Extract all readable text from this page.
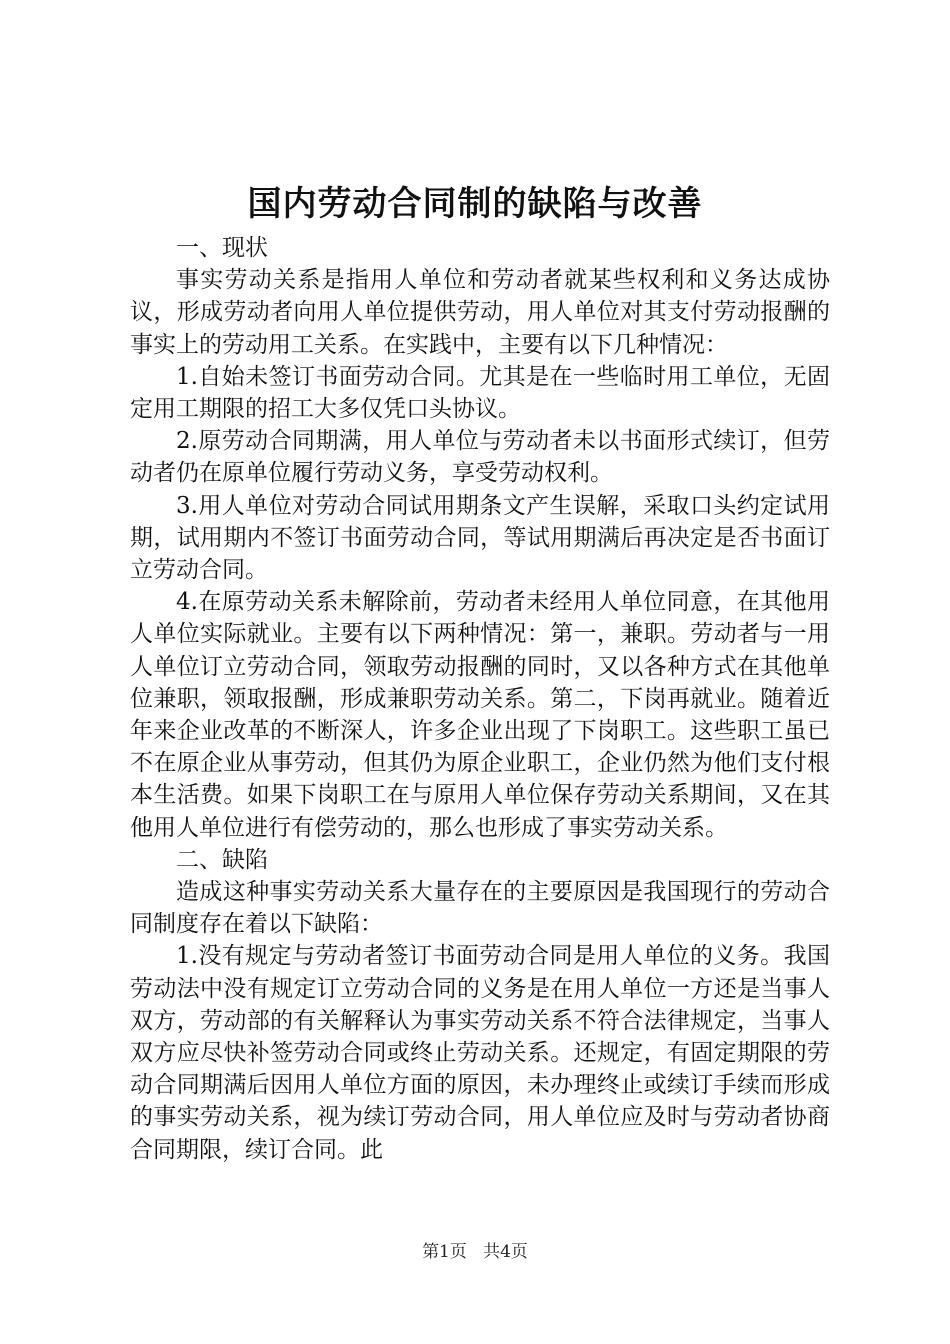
国内劳动合同制的缺陷与改善

一、现状

事实劳动关系是指用人单位和劳动者就某些权利和义务达成协议，形成劳动者向用人单位提供劳动，用人单位对其支付劳动报酬的事实上的劳动用工关系。在实践中，主要有以下几种情况：

1.自始未签订书面劳动合同。尤其是在一些临时用工单位，无固定用工期限的招工大多仅凭口头协议。

2.原劳动合同期满，用人单位与劳动者未以书面形式续订，但劳动者仍在原单位履行劳动义务，享受劳动权利。

3.用人单位对劳动合同试用期条文产生误解，采取口头约定试用期，试用期内不签订书面劳动合同，等试用期满后再决定是否书面订立劳动合同。

4.在原劳动关系未解除前，劳动者未经用人单位同意，在其他用人单位实际就业。主要有以下两种情况：第一，兼职。劳动者与一用人单位订立劳动合同，领取劳动报酬的同时，又以各种方式在其他单位兼职，领取报酬，形成兼职劳动关系。第二，下岗再就业。随着近年来企业改革的不断深人，许多企业出现了下岗职工。这些职工虽已不在原企业从事劳动，但其仍为原企业职工，企业仍然为他们支付根本生活费。如果下岗职工在与原用人单位保存劳动关系期间，又在其他用人单位进行有偿劳动的，那么也形成了事实劳动关系。

二、缺陷

造成这种事实劳动关系大量存在的主要原因是我国现行的劳动合同制度存在着以下缺陷：

1.没有规定与劳动者签订书面劳动合同是用人单位的义务。我国劳动法中没有规定订立劳动合同的义务是在用人单位一方还是当事人双方，劳动部的有关解释认为事实劳动关系不符合法律规定，当事人双方应尽快补签劳动合同或终止劳动关系。还规定，有固定期限的劳动合同期满后因用人单位方面的原因，未办理终止或续订手续而形成的事实劳动关系，视为续订劳动合同，用人单位应及时与劳动者协商合同期限，续订合同。此

第1页 共4页
